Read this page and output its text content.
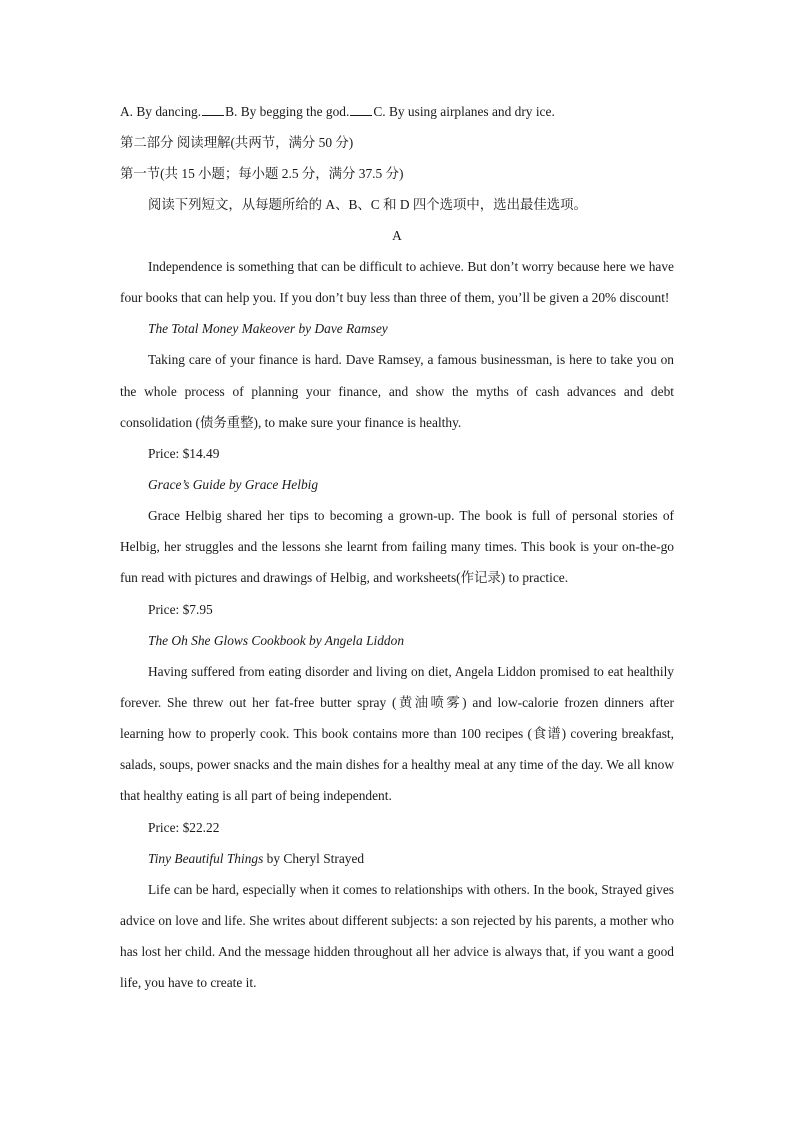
A. By dancing. B. By begging the god. C. By using airplanes and dry ice.

第二部分 阅读理解(共两节，满分 50 分)

第一节(共 15 小题；每小题 2.5 分，满分 37.5 分)

阅读下列短文，从每题所给的 A、B、C 和 D 四个选项中，选出最佳选项。

A

Independence is something that can be difficult to achieve. But don’t worry because here we have four books that can help you. If you don’t buy less than three of them, you’ll be given a 20% discount!

The Total Money Makeover by Dave Ramsey

Taking care of your finance is hard. Dave Ramsey, a famous businessman, is here to take you on the whole process of planning your finance, and show the myths of cash advances and debt consolidation (债务重整), to make sure your finance is healthy.

Price: $14.49

Grace’s Guide by Grace Helbig

Grace Helbig shared her tips to becoming a grown-up. The book is full of personal stories of Helbig, her struggles and the lessons she learnt from failing many times. This book is your on-the-go fun read with pictures and drawings of Helbig, and worksheets(作记录) to practice.

Price: $7.95

The Oh She Glows Cookbook by Angela Liddon

Having suffered from eating disorder and living on diet, Angela Liddon promised to eat healthily forever. She threw out her fat-free butter spray (黄油喷雾) and low-calorie frozen dinners after learning how to properly cook. This book contains more than 100 recipes (食谱) covering breakfast, salads, soups, power snacks and the main dishes for a healthy meal at any time of the day. We all know that healthy eating is all part of being independent.

Price: $22.22

Tiny Beautiful Things by Cheryl Strayed

Life can be hard, especially when it comes to relationships with others. In the book, Strayed gives advice on love and life. She writes about different subjects: a son rejected by his parents, a mother who has lost her child. And the message hidden throughout all her advice is always that, if you want a good life, you have to create it.
